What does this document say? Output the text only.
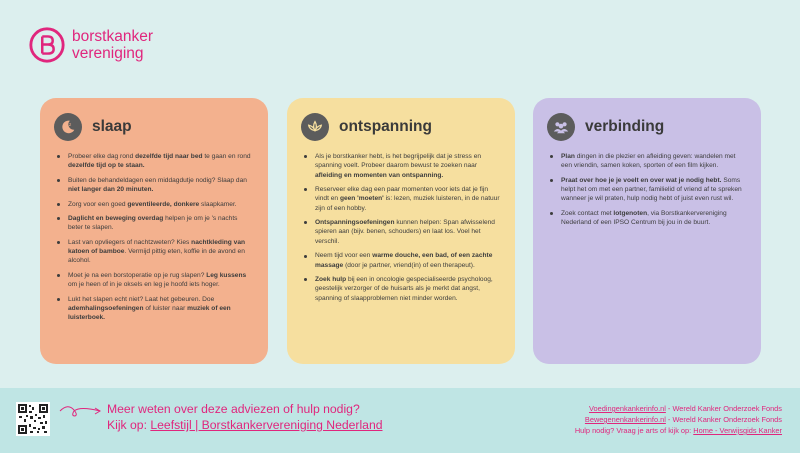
borstkanker
vereniging
z slaap
Probeer elke dag rond dezelfde tijd naar bed te gaan en rond dezelfde tijd op te staan.
Buiten de behandeldagen een middagdutje nodig? Slaap dan niet langer dan 20 minuten.
Zorg voor een goed geventileerde, donkere slaapkamer.
Daglicht en beweging overdag helpen je om je 's nachts beter te slapen.
Last van opvliegers of nachtzweten? Kies nachtkleding van katoen of bamboe. Vermijd pittig eten, koffie in de avond en alcohol.
Moet je na een borstoperatie op je rug slapen? Leg kussens om je heen of in je oksels en leg je hoofd iets hoger.
Lukt het slapen echt niet? Laat het gebeuren. Doe ademhalingsoefeningen of luister naar muziek of een luisterboek.
ontspanning
Als je borstkanker hebt, is het begrijpelijk dat je stress en spanning voelt. Probeer daarom bewust te zoeken naar afleiding en momenten van ontspanning.
Reserveer elke dag een paar momenten voor iets dat je fijn vindt en geen 'moeten' is: lezen, muziek luisteren, in de natuur zijn of een hobby.
Ontspanningsoefeningen kunnen helpen: Span afwisselend spieren aan (bijv. benen, schouders) en laat los. Voel het verschil.
Neem tijd voor een warme douche, een bad, of een zachte massage (door je partner, vriend(in) of een therapeut).
Zoek hulp bij een in oncologie gespecialiseerde psycholoog, geestelijk verzorger of de huisarts als je merkt dat angst, spanning of slaapproblemen niet minder worden.
verbinding
Plan dingen in die plezier en afleiding geven: wandelen met een vriendin, samen koken, sporten of een film kijken.
Praat over hoe je je voelt en over wat je nodig hebt. Soms helpt het om met een partner, familielid of vriend af te spreken wanneer je wil praten, hulp nodig hebt of juist even rust wil.
Zoek contact met lotgenoten, via Borstkankervereniging Nederland of een IPSO Centrum bij jou in de buurt.
Meer weten over deze adviezen of hulp nodig?
Kijk op: Leefstijl | Borstkankervereniging Nederland
Voedingenkankerinfo.nl - Wereld Kanker Onderzoek Fonds
Bewegenenkankerinfo.nl - Wereld Kanker Onderzoek Fonds
Hulp nodig? Vraag je arts of kijk op: Home - Verwijsgids Kanker
